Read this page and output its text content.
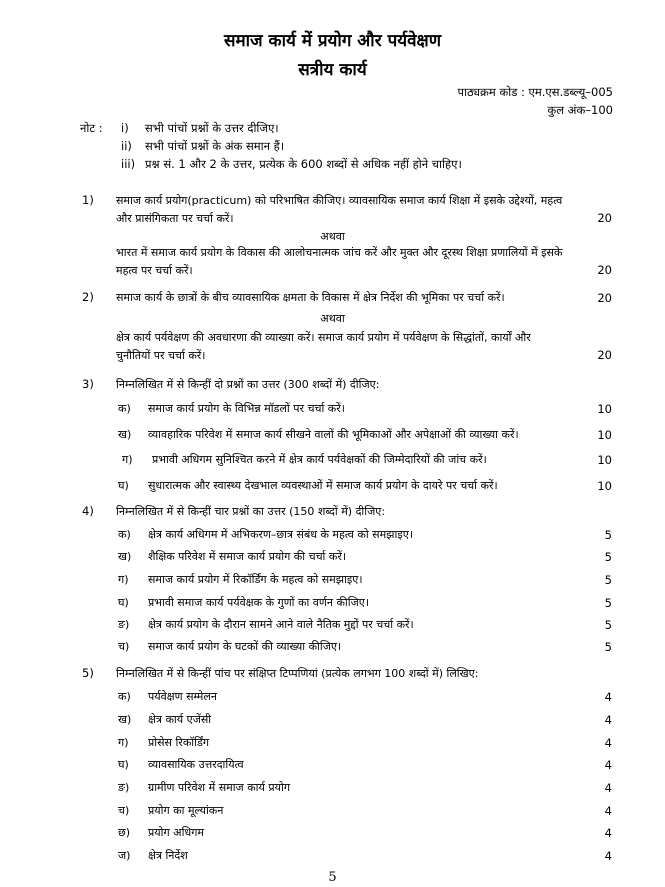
समाज कार्य में प्रयोग और पर्यवेक्षण
सत्रीय कार्य
पाठ्यक्रम कोड : एम.एस.डब्ल्यू–005
कुल अंक–100
नोट : i) सभी पांचों प्रश्नों के उत्तर दीजिए।
ii) सभी पांचों प्रश्नों के अंक समान हैं।
iii) प्रश्न सं. 1 और 2 के उत्तर, प्रत्येक के 600 शब्दों से अधिक नहीं होने चाहिए।
1) समाज कार्य प्रयोग(practicum) को परिभाषित कीजिए। व्यावसायिक समाज कार्य शिक्षा में इसके उद्देश्यों, महत्व
और प्रासंगिकता पर चर्चा करें।	20
अथवा
भारत में समाज कार्य प्रयोग के विकास की आलोचनात्मक जांच करें और मुक्त और दूरस्थ शिक्षा प्रणालियों में इसके
महत्व पर चर्चा करें।	20
2) समाज कार्य के छात्रों के बीच व्यावसायिक क्षमता के विकास में क्षेत्र निर्देश की भूमिका पर चर्चा करें।	20
अथवा
क्षेत्र कार्य पर्यवेक्षण की अवधारणा की व्याख्या करें। समाज कार्य प्रयोग में पर्यवेक्षण के सिद्धांतों, कार्यों और
चुनौतियों पर चर्चा करें।	20
3) निम्नलिखित में से किन्हीं दो प्रश्नों का उत्तर (300 शब्दों में) दीजिए:
क) समाज कार्य प्रयोग के विभिन्न मॉडलों पर चर्चा करें।	10
ख) व्यावहारिक परिवेश में समाज कार्य सीखने वालों की भूमिकाओं और अपेक्षाओं की व्याख्या करें।	10
ग) प्रभावी अधिगम सुनिश्चित करने में क्षेत्र कार्य पर्यवेक्षकों की जिम्मेदारियों की जांच करें।	10
घ) सुधारात्मक और स्वास्थ्य देखभाल व्यवस्थाओं में समाज कार्य प्रयोग के दायरे पर चर्चा करें।	10
4) निम्नलिखित में से किन्हीं चार प्रश्नों का उत्तर (150 शब्दों में) दीजिए:
क) क्षेत्र कार्य अधिगम में अभिकरण–छात्र संबंध के महत्व को समझाइए।	5
ख) शैक्षिक परिवेश में समाज कार्य प्रयोग की चर्चा करें।	5
ग) समाज कार्य प्रयोग में रिकॉर्डिंग के महत्व को समझाइए।	5
घ) प्रभावी समाज कार्य पर्यवेक्षक के गुणों का वर्णन कीजिए।	5
ङ) क्षेत्र कार्य प्रयोग के दौरान सामने आने वाले नैतिक मुद्दों पर चर्चा करें।	5
च) समाज कार्य प्रयोग के घटकों की व्याख्या कीजिए।	5
5) निम्नलिखित में से किन्हीं पांच पर संक्षिप्त टिप्पणियां (प्रत्येक लगभग 100 शब्दों में) लिखिए:
क) पर्यवेक्षण सम्मेलन	4
ख) क्षेत्र कार्य एजेंसी	4
ग) प्रोसेस रिकॉर्डिंग	4
घ) व्यावसायिक उत्तरदायित्व	4
ङ) ग्रामीण परिवेश में समाज कार्य प्रयोग	4
च) प्रयोग का मूल्यांकन	4
छ) प्रयोग अधिगम	4
ज) क्षेत्र निर्देश	4
5
